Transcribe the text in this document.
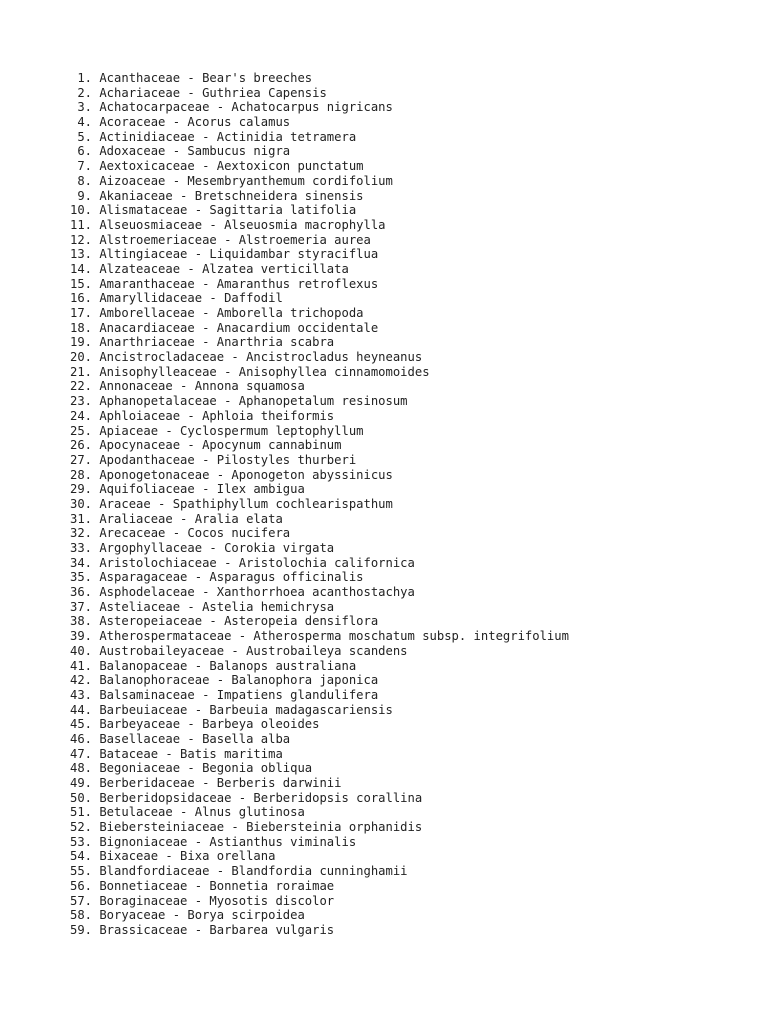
1. Acanthaceae - Bear's breeches
2. Achariaceae - Guthriea Capensis
3. Achatocarpaceae - Achatocarpus nigricans
4. Acoraceae - Acorus calamus
5. Actinidiaceae - Actinidia tetramera
6. Adoxaceae - Sambucus nigra
7. Aextoxicaceae - Aextoxicon punctatum
8. Aizoaceae - Mesembryanthemum cordifolium
9. Akaniaceae - Bretschneidera sinensis
10. Alismataceae - Sagittaria latifolia
11. Alseuosmiaceae - Alseuosmia macrophylla
12. Alstroemeriaceae - Alstroemeria aurea
13. Altingiaceae - Liquidambar styraciflua
14. Alzateaceae - Alzatea verticillata
15. Amaranthaceae - Amaranthus retroflexus
16. Amaryllidaceae - Daffodil
17. Amborellaceae - Amborella trichopoda
18. Anacardiaceae - Anacardium occidentale
19. Anarthriaceae - Anarthria scabra
20. Ancistrocladaceae - Ancistrocladus heyneanus
21. Anisophylleaceae - Anisophyllea cinnamomoides
22. Annonaceae - Annona squamosa
23. Aphanopetalaceae - Aphanopetalum resinosum
24. Aphloiaceae - Aphloia theiformis
25. Apiaceae - Cyclospermum leptophyllum
26. Apocynaceae - Apocynum cannabinum
27. Apodanthaceae - Pilostyles thurberi
28. Aponogetonaceae - Aponogeton abyssinicus
29. Aquifoliaceae - Ilex ambigua
30. Araceae - Spathiphyllum cochlearispathum
31. Araliaceae - Aralia elata
32. Arecaceae - Cocos nucifera
33. Argophyllaceae - Corokia virgata
34. Aristolochiaceae - Aristolochia californica
35. Asparagaceae - Asparagus officinalis
36. Asphodelaceae - Xanthorrhoea acanthostachya
37. Asteliaceae - Astelia hemichrysa
38. Asteropeiaceae - Asteropeia densiflora
39. Atherospermataceae - Atherosperma moschatum subsp. integrifolium
40. Austrobaileyaceae - Austrobaileya scandens
41. Balanopaceae - Balanops australiana
42. Balanophoraceae - Balanophora japonica
43. Balsaminaceae - Impatiens glandulifera
44. Barbeuiaceae - Barbeuia madagascariensis
45. Barbeyaceae - Barbeya oleoides
46. Basellaceae - Basella alba
47. Bataceae - Batis maritima
48. Begoniaceae - Begonia obliqua
49. Berberidaceae - Berberis darwinii
50. Berberidopsidaceae - Berberidopsis corallina
51. Betulaceae - Alnus glutinosa
52. Biebersteiniaceae - Biebersteinia orphanidis
53. Bignoniaceae - Astianthus viminalis
54. Bixaceae - Bixa orellana
55. Blandfordiaceae - Blandfordia cunninghamii
56. Bonnetiaceae - Bonnetia roraimae
57. Boraginaceae - Myosotis discolor
58. Boryaceae - Borya scirpoidea
59. Brassicaceae - Barbarea vulgaris
